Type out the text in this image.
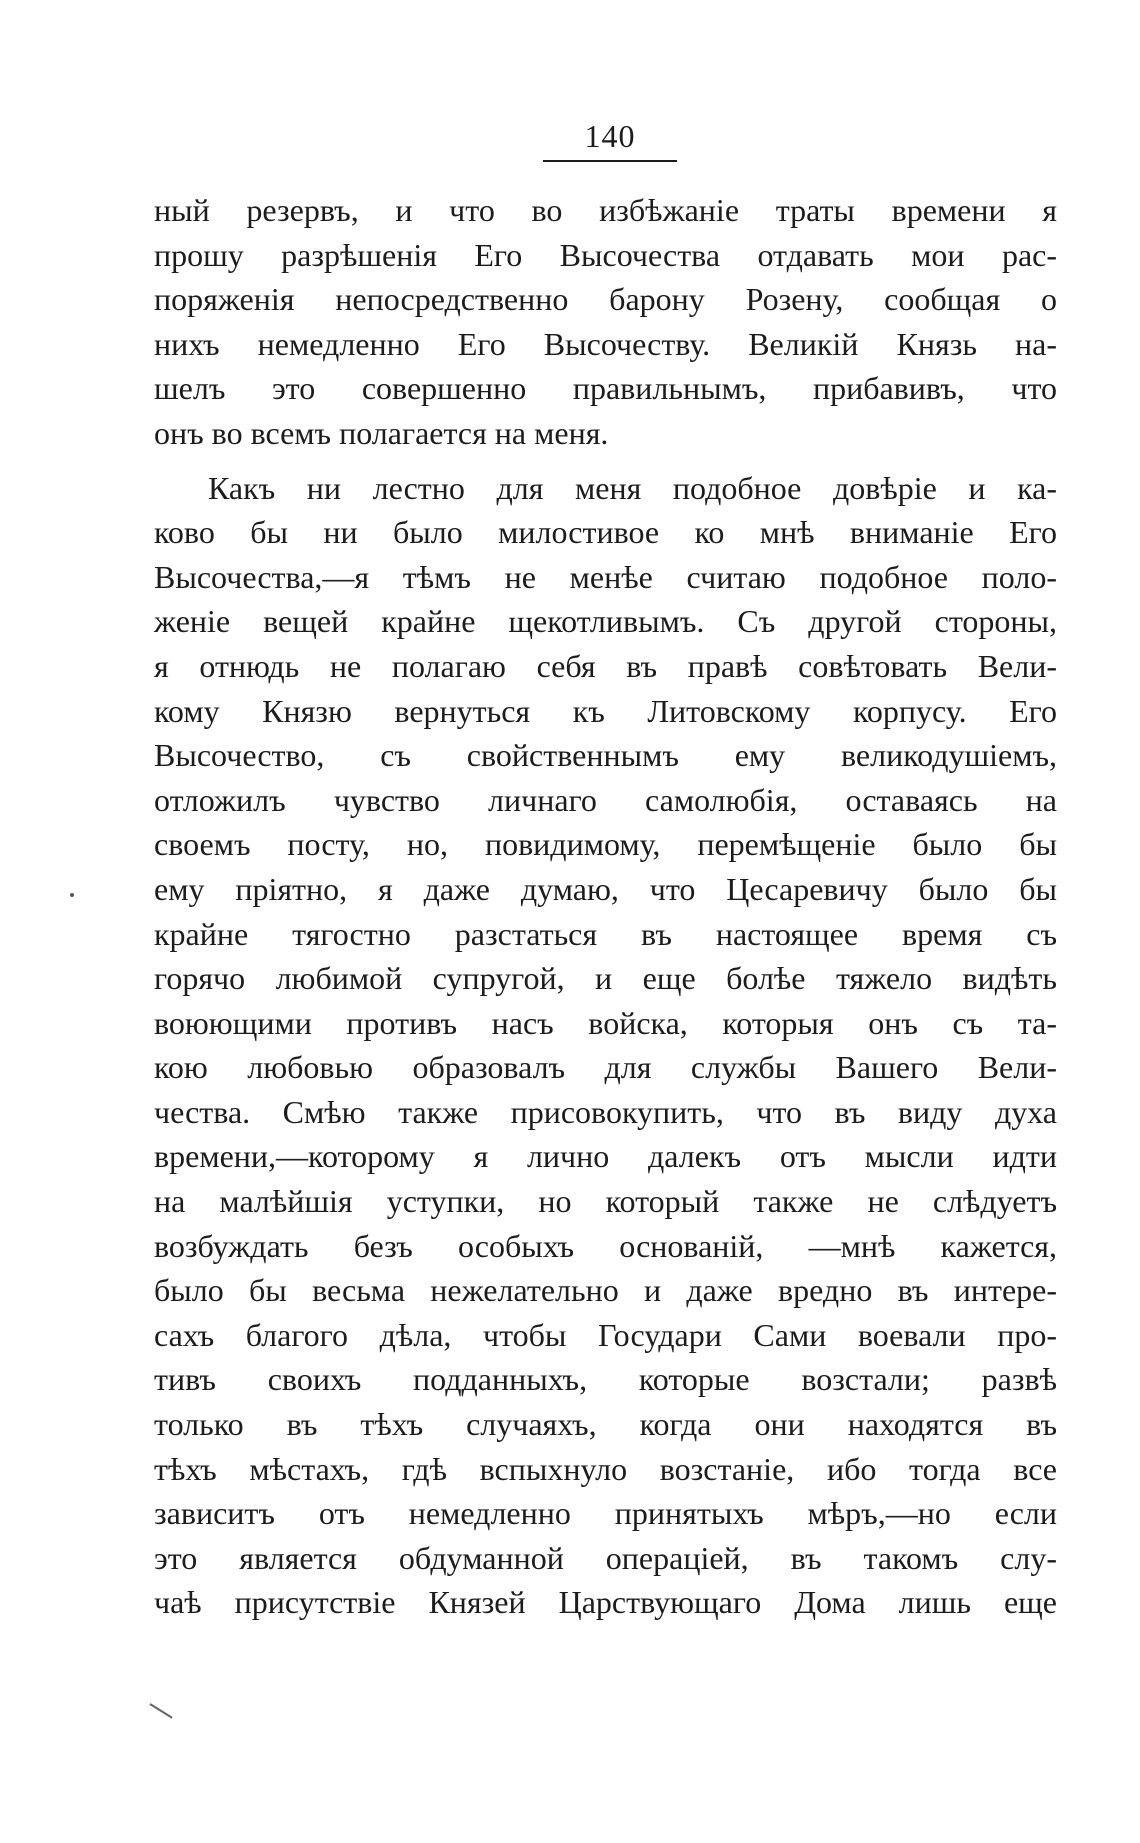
140
ный резервъ, и что во избѣжаніе траты времени я
прошу разрѣшенія Его Высочества отдавать мои рас-
поряженія непосредственно барону Розену, сообщая о
нихъ немедленно Его Высочеству. Великій Князь на-
шелъ это совершенно правильнымъ, прибавивъ, что
онъ во всемъ полагается на меня.
Какъ ни лестно для меня подобное довѣріе и ка-
ково бы ни было милостивое ко мнѣ вниманіе Его
Высочества,—я тѣмъ не менѣе считаю подобное поло-
женіе вещей крайне щекотливымъ. Съ другой стороны,
я отнюдь не полагаю себя въ правѣ совѣтовать Вели-
кому Князю вернуться къ Литовскому корпусу. Его
Высочество, съ свойственнымъ ему великодушіемъ,
отложилъ чувство личнаго самолюбія, оставаясь на
своемъ посту, но, повидимому, перемѣщеніе было бы
ему пріятно, я даже думаю, что Цесаревичу было бы
крайне тягостно разстаться въ настоящее время съ
горячо любимой супругой, и еще болѣе тяжело видѣть
воюющими противъ насъ войска, которыя онъ съ та-
кою любовью образовалъ для службы Вашего Вели-
чества. Смѣю также присовокупить, что въ виду духа
времени,—которому я лично далекъ отъ мысли идти
на малѣйшія уступки, но который также не слѣдуетъ
возбуждать безъ особыхъ основаній, —мнѣ кажется,
было бы весьма нежелательно и даже вредно въ интере-
сахъ благого дѣла, чтобы Государи Сами воевали про-
тивъ своихъ подданныхъ, которые возстали; развѣ
только въ тѣхъ случаяхъ, когда они находятся въ
тѣхъ мѣстахъ, гдѣ вспыхнуло возстаніе, ибо тогда все
зависитъ отъ немедленно принятыхъ мѣръ,—но если
это является обдуманной операціей, въ такомъ слу-
чаѣ присутствіе Князей Царствующаго Дома лишь еще
